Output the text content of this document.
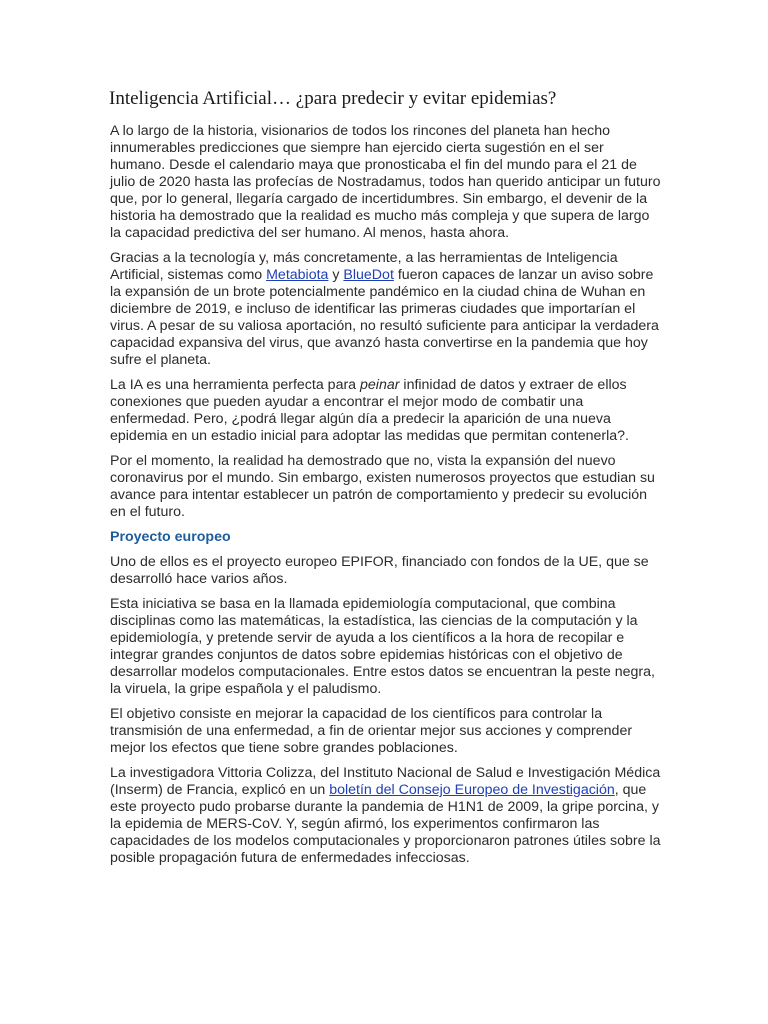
Inteligencia Artificial… ¿para predecir y evitar epidemias?

A lo largo de la historia, visionarios de todos los rincones del planeta han hecho innumerables predicciones que siempre han ejercido cierta sugestión en el ser humano. Desde el calendario maya que pronosticaba el fin del mundo para el 21 de julio de 2020 hasta las profecías de Nostradamus, todos han querido anticipar un futuro que, por lo general, llegaría cargado de incertidumbres. Sin embargo, el devenir de la historia ha demostrado que la realidad es mucho más compleja y que supera de largo la capacidad predictiva del ser humano. Al menos, hasta ahora.

Gracias a la tecnología y, más concretamente, a las herramientas de Inteligencia Artificial, sistemas como Metabiota y BlueDot fueron capaces de lanzar un aviso sobre la expansión de un brote potencialmente pandémico en la ciudad china de Wuhan en diciembre de 2019, e incluso de identificar las primeras ciudades que importarían el virus. A pesar de su valiosa aportación, no resultó suficiente para anticipar la verdadera capacidad expansiva del virus, que avanzó hasta convertirse en la pandemia que hoy sufre el planeta.

La IA es una herramienta perfecta para peinar infinidad de datos y extraer de ellos conexiones que pueden ayudar a encontrar el mejor modo de combatir una enfermedad. Pero, ¿podrá llegar algún día a predecir la aparición de una nueva epidemia en un estadio inicial para adoptar las medidas que permitan contenerla?.

Por el momento, la realidad ha demostrado que no, vista la expansión del nuevo coronavirus por el mundo. Sin embargo, existen numerosos proyectos que estudian su avance para intentar establecer un patrón de comportamiento y predecir su evolución en el futuro.

Proyecto europeo

Uno de ellos es el proyecto europeo EPIFOR, financiado con fondos de la UE, que se desarrolló hace varios años.

Esta iniciativa se basa en la llamada epidemiología computacional, que combina disciplinas como las matemáticas, la estadística, las ciencias de la computación y la epidemiología, y pretende servir de ayuda a los científicos a la hora de recopilar e integrar grandes conjuntos de datos sobre epidemias históricas con el objetivo de desarrollar modelos computacionales. Entre estos datos se encuentran la peste negra, la viruela, la gripe española y el paludismo.

El objetivo consiste en mejorar la capacidad de los científicos para controlar la transmisión de una enfermedad, a fin de orientar mejor sus acciones y comprender mejor los efectos que tiene sobre grandes poblaciones.

La investigadora Vittoria Colizza, del Instituto Nacional de Salud e Investigación Médica (Inserm) de Francia, explicó en un boletín del Consejo Europeo de Investigación, que este proyecto pudo probarse durante la pandemia de H1N1 de 2009, la gripe porcina, y la epidemia de MERS-CoV. Y, según afirmó, los experimentos confirmaron las capacidades de los modelos computacionales y proporcionaron patrones útiles sobre la posible propagación futura de enfermedades infecciosas.
